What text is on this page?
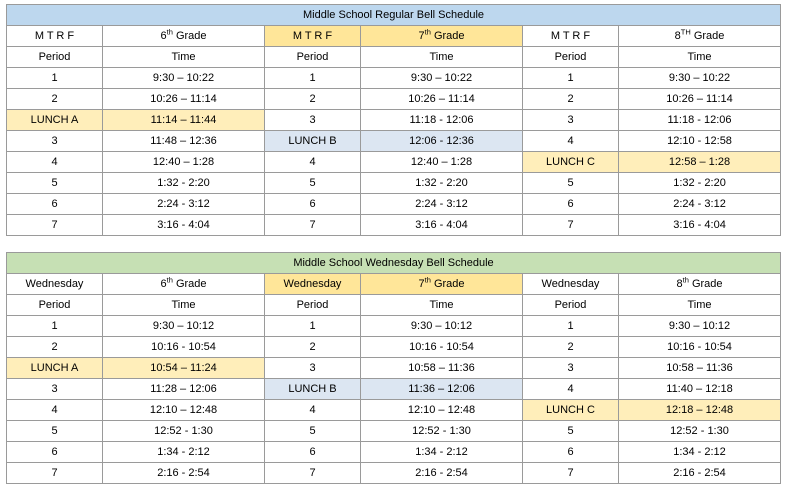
Middle School Regular Bell Schedule					
M T R F	6th Grade	M T R F	7th Grade	M T R F	8TH Grade
Period	Time	Period	Time	Period	Time
1	9:30 – 10:22	1	9:30 – 10:22	1	9:30 – 10:22
2	10:26 – 11:14	2	10:26 – 11:14	2	10:26 – 11:14
LUNCH A	11:14 – 11:44	3	11:18 - 12:06	3	11:18 - 12:06
3	11:48 – 12:36	LUNCH B	12:06 - 12:36	4	12:10 - 12:58
4	12:40 – 1:28	4	12:40 – 1:28	LUNCH C	12:58 – 1:28
5	1:32 - 2:20	5	1:32 - 2:20	5	1:32 - 2:20
6	2:24 - 3:12	6	2:24 - 3:12	6	2:24 - 3:12
7	3:16 - 4:04	7	3:16 - 4:04	7	3:16 - 4:04
Middle School Wednesday Bell Schedule					
Wednesday	6th Grade	Wednesday	7th Grade	Wednesday	8th Grade
Period	Time	Period	Time	Period	Time
1	9:30 – 10:12	1	9:30 – 10:12	1	9:30 – 10:12
2	10:16 - 10:54	2	10:16 - 10:54	2	10:16 - 10:54
LUNCH A	10:54 – 11:24	3	10:58 – 11:36	3	10:58 – 11:36
3	11:28 – 12:06	LUNCH B	11:36 – 12:06	4	11:40 – 12:18
4	12:10 – 12:48	4	12:10 – 12:48	LUNCH C	12:18 – 12:48
5	12:52 - 1:30	5	12:52 - 1:30	5	12:52 - 1:30
6	1:34 - 2:12	6	1:34 - 2:12	6	1:34 - 2:12
7	2:16 - 2:54	7	2:16 - 2:54	7	2:16 - 2:54
